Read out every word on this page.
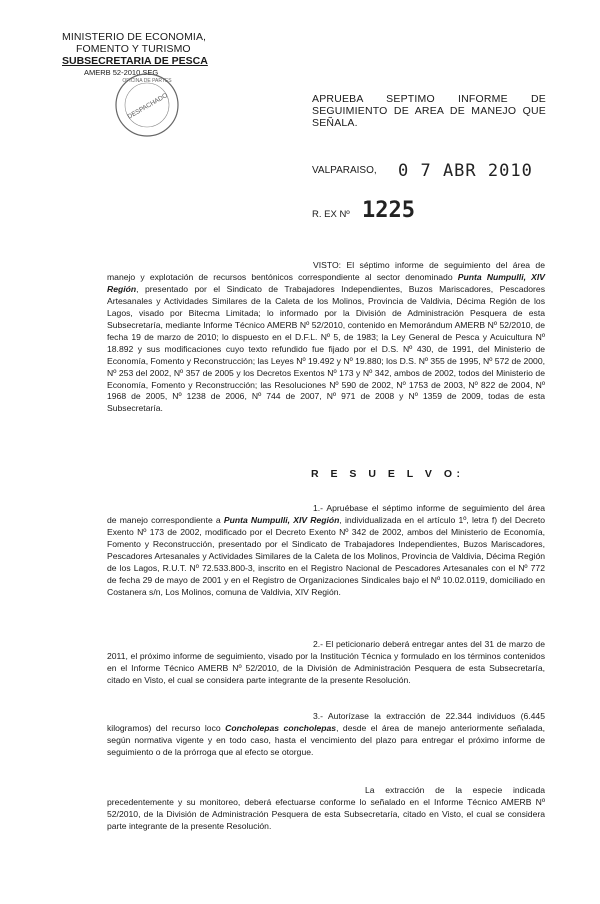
MINISTERIO DE ECONOMIA,
FOMENTO Y TURISMO
SUBSECRETARIA DE PESCA
AMERB 52-2010 SEG
DESPACHADO
OFICINA DE PARTES
APRUEBA SEPTIMO INFORME DE SEGUIMIENTO DE AREA DE MANEJO QUE SEÑALA.
VALPARAISO, 0 7 ABR 2010
R. EX Nº 1225
VISTO: El séptimo informe de seguimiento del área de manejo y explotación de recursos bentónicos correspondiente al sector denominado Punta Numpulli, XIV Región, presentado por el Sindicato de Trabajadores Independientes, Buzos Mariscadores, Pescadores Artesanales y Actividades Similares de la Caleta de los Molinos, Provincia de Valdivia, Décima Región de los Lagos, visado por Bitecma Limitada; lo informado por la División de Administración Pesquera de esta Subsecretaría, mediante Informe Técnico AMERB Nº 52/2010, contenido en Memorándum AMERB Nº 52/2010, de fecha 19 de marzo de 2010; lo dispuesto en el D.F.L. Nº 5, de 1983; la Ley General de Pesca y Acuicultura Nº 18.892 y sus modificaciones cuyo texto refundido fue fijado por el D.S. Nº 430, de 1991, del Ministerio de Economía, Fomento y Reconstrucción; las Leyes Nº 19.492 y Nº 19.880; los D.S. Nº 355 de 1995, Nº 572 de 2000, Nº 253 del 2002, Nº 357 de 2005 y los Decretos Exentos Nº 173 y Nº 342, ambos de 2002, todos del Ministerio de Economía, Fomento y Reconstrucción; las Resoluciones Nº 590 de 2002, Nº 1753 de 2003, Nº 822 de 2004, Nº 1968 de 2005, Nº 1238 de 2006, Nº 744 de 2007, Nº 971 de 2008 y Nº 1359 de 2009, todas de esta Subsecretaría.
R E S U E L V O:
1.- Apruébase el séptimo informe de seguimiento del área de manejo correspondiente a Punta Numpulli, XIV Región, individualizada en el artículo 1º, letra f) del Decreto Exento Nº 173 de 2002, modificado por el Decreto Exento Nº 342 de 2002, ambos del Ministerio de Economía, Fomento y Reconstrucción, presentado por el Sindicato de Trabajadores Independientes, Buzos Mariscadores, Pescadores Artesanales y Actividades Similares de la Caleta de los Molinos, Provincia de Valdivia, Décima Región de los Lagos, R.U.T. Nº 72.533.800-3, inscrito en el Registro Nacional de Pescadores Artesanales con el Nº 772 de fecha 29 de mayo de 2001 y en el Registro de Organizaciones Sindicales bajo el Nº 10.02.0119, domiciliado en Costanera s/n, Los Molinos, comuna de Valdivia, XIV Región.
2.- El peticionario deberá entregar antes del 31 de marzo de 2011, el próximo informe de seguimiento, visado por la Institución Técnica y formulado en los términos contenidos en el Informe Técnico AMERB Nº 52/2010, de la División de Administración Pesquera de esta Subsecretaría, citado en Visto, el cual se considera parte integrante de la presente Resolución.
3.- Autorízase la extracción de 22.344 individuos (6.445 kilogramos) del recurso loco Concholepas concholepas, desde el área de manejo anteriormente señalada, según normativa vigente y en todo caso, hasta el vencimiento del plazo para entregar el próximo informe de seguimiento o de la prórroga que al efecto se otorgue.
La extracción de la especie indicada precedentemente y su monitoreo, deberá efectuarse conforme lo señalado en el Informe Técnico AMERB Nº 52/2010, de la División de Administración Pesquera de esta Subsecretaría, citado en Visto, el cual se considera parte integrante de la presente Resolución.
